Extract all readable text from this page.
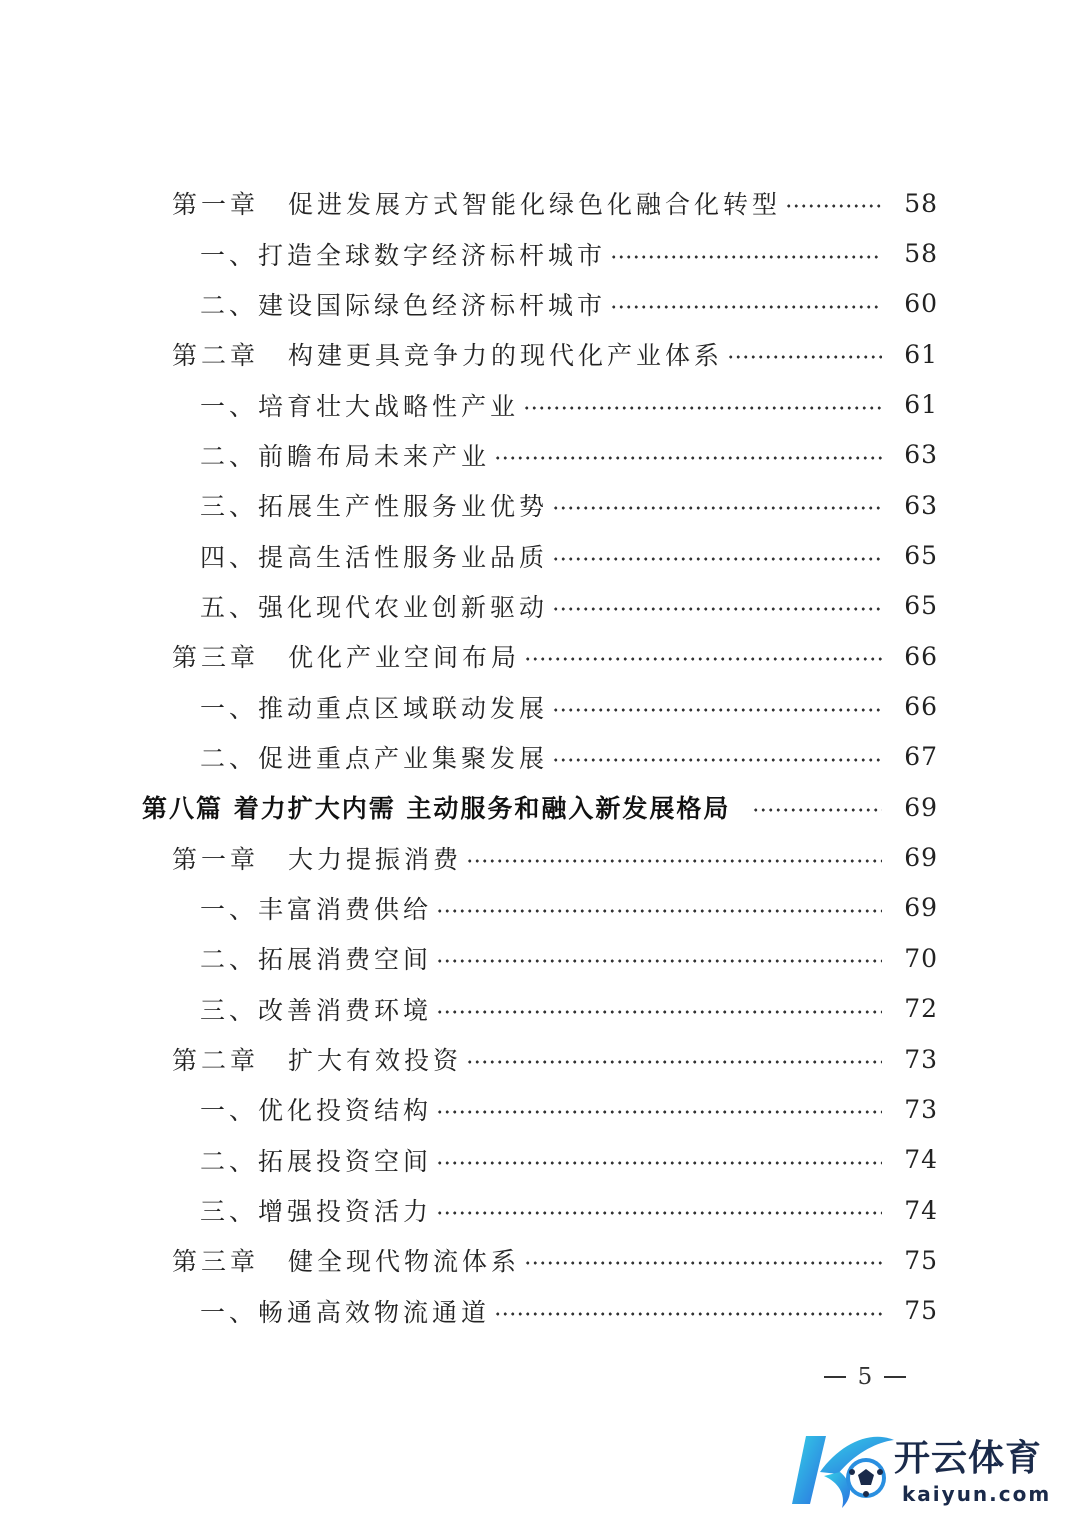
第一章　促进发展方式智能化绿色化融合化转型	58
一、打造全球数字经济标杆城市	58
二、建设国际绿色经济标杆城市	60
第二章　构建更具竞争力的现代化产业体系	61
一、培育壮大战略性产业	61
二、前瞻布局未来产业	63
三、拓展生产性服务业优势	63
四、提高生活性服务业品质	65
五、强化现代农业创新驱动	65
第三章　优化产业空间布局	66
一、推动重点区域联动发展	66
二、促进重点产业集聚发展	67
第八篇 着力扩大内需 主动服务和融入新发展格局	69
第一章　大力提振消费	69
一、丰富消费供给	69
二、拓展消费空间	70
三、改善消费环境	72
第二章　扩大有效投资	73
一、优化投资结构	73
二、拓展投资空间	74
三、增强投资活力	74
第三章　健全现代物流体系	75
一、畅通高效物流通道	75
5
开云体育
kaiyun.com
